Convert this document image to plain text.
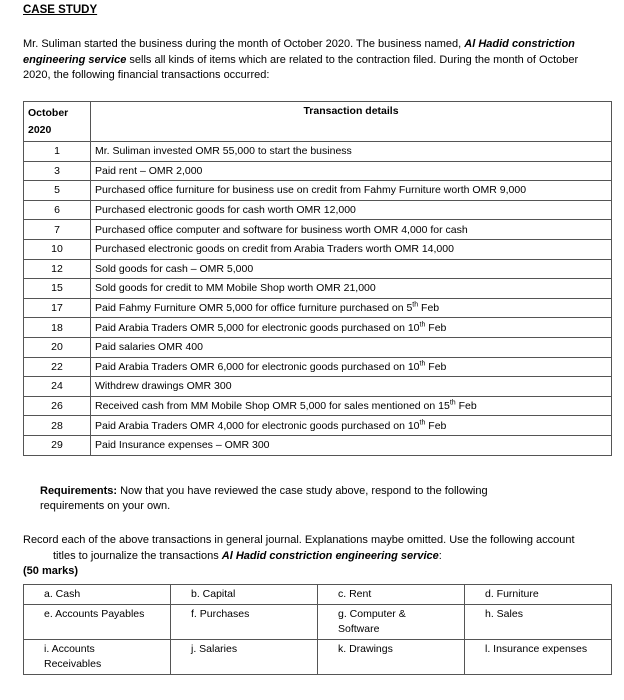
CASE STUDY
Mr. Suliman started the business during the month of October 2020. The business named, Al Hadid constriction engineering service sells all kinds of items which are related to the contraction filed. During the month of October 2020, the following financial transactions occurred:
October
2020	Transaction details
1	Mr. Suliman invested OMR 55,000 to start the business
3	Paid rent – OMR 2,000
5	Purchased office furniture for business use on credit from Fahmy Furniture worth OMR 9,000
6	Purchased electronic goods for cash worth OMR 12,000
7	Purchased office computer and software for business worth OMR 4,000 for cash
10	Purchased electronic goods on credit from Arabia Traders worth OMR 14,000
12	Sold goods for cash – OMR 5,000
15	Sold goods for credit to MM Mobile Shop worth OMR 21,000
17	Paid Fahmy Furniture OMR 5,000 for office furniture purchased on 5th Feb
18	Paid Arabia Traders OMR 5,000 for electronic goods purchased on 10th Feb
20	Paid salaries OMR 400
22	Paid Arabia Traders OMR 6,000 for electronic goods purchased on 10th Feb
24	Withdrew drawings OMR 300
26	Received cash from MM Mobile Shop OMR 5,000 for sales mentioned on 15th Feb
28	Paid Arabia Traders OMR 4,000 for electronic goods purchased on 10th Feb
29	Paid Insurance expenses – OMR 300
Requirements: Now that you have reviewed the case study above, respond to the following requirements on your own.
Record each of the above transactions in general journal. Explanations maybe omitted. Use the following accounttitles to journalize the transactions Al Hadid constriction engineering service:
(50 marks)
a. Cash	b. Capital	c. Rent	d. Furniture
e. Accounts Payables	f. Purchases	g. Computer & Software	h. Sales
i. Accounts Receivables	j. Salaries	k. Drawings	l. Insurance expenses
